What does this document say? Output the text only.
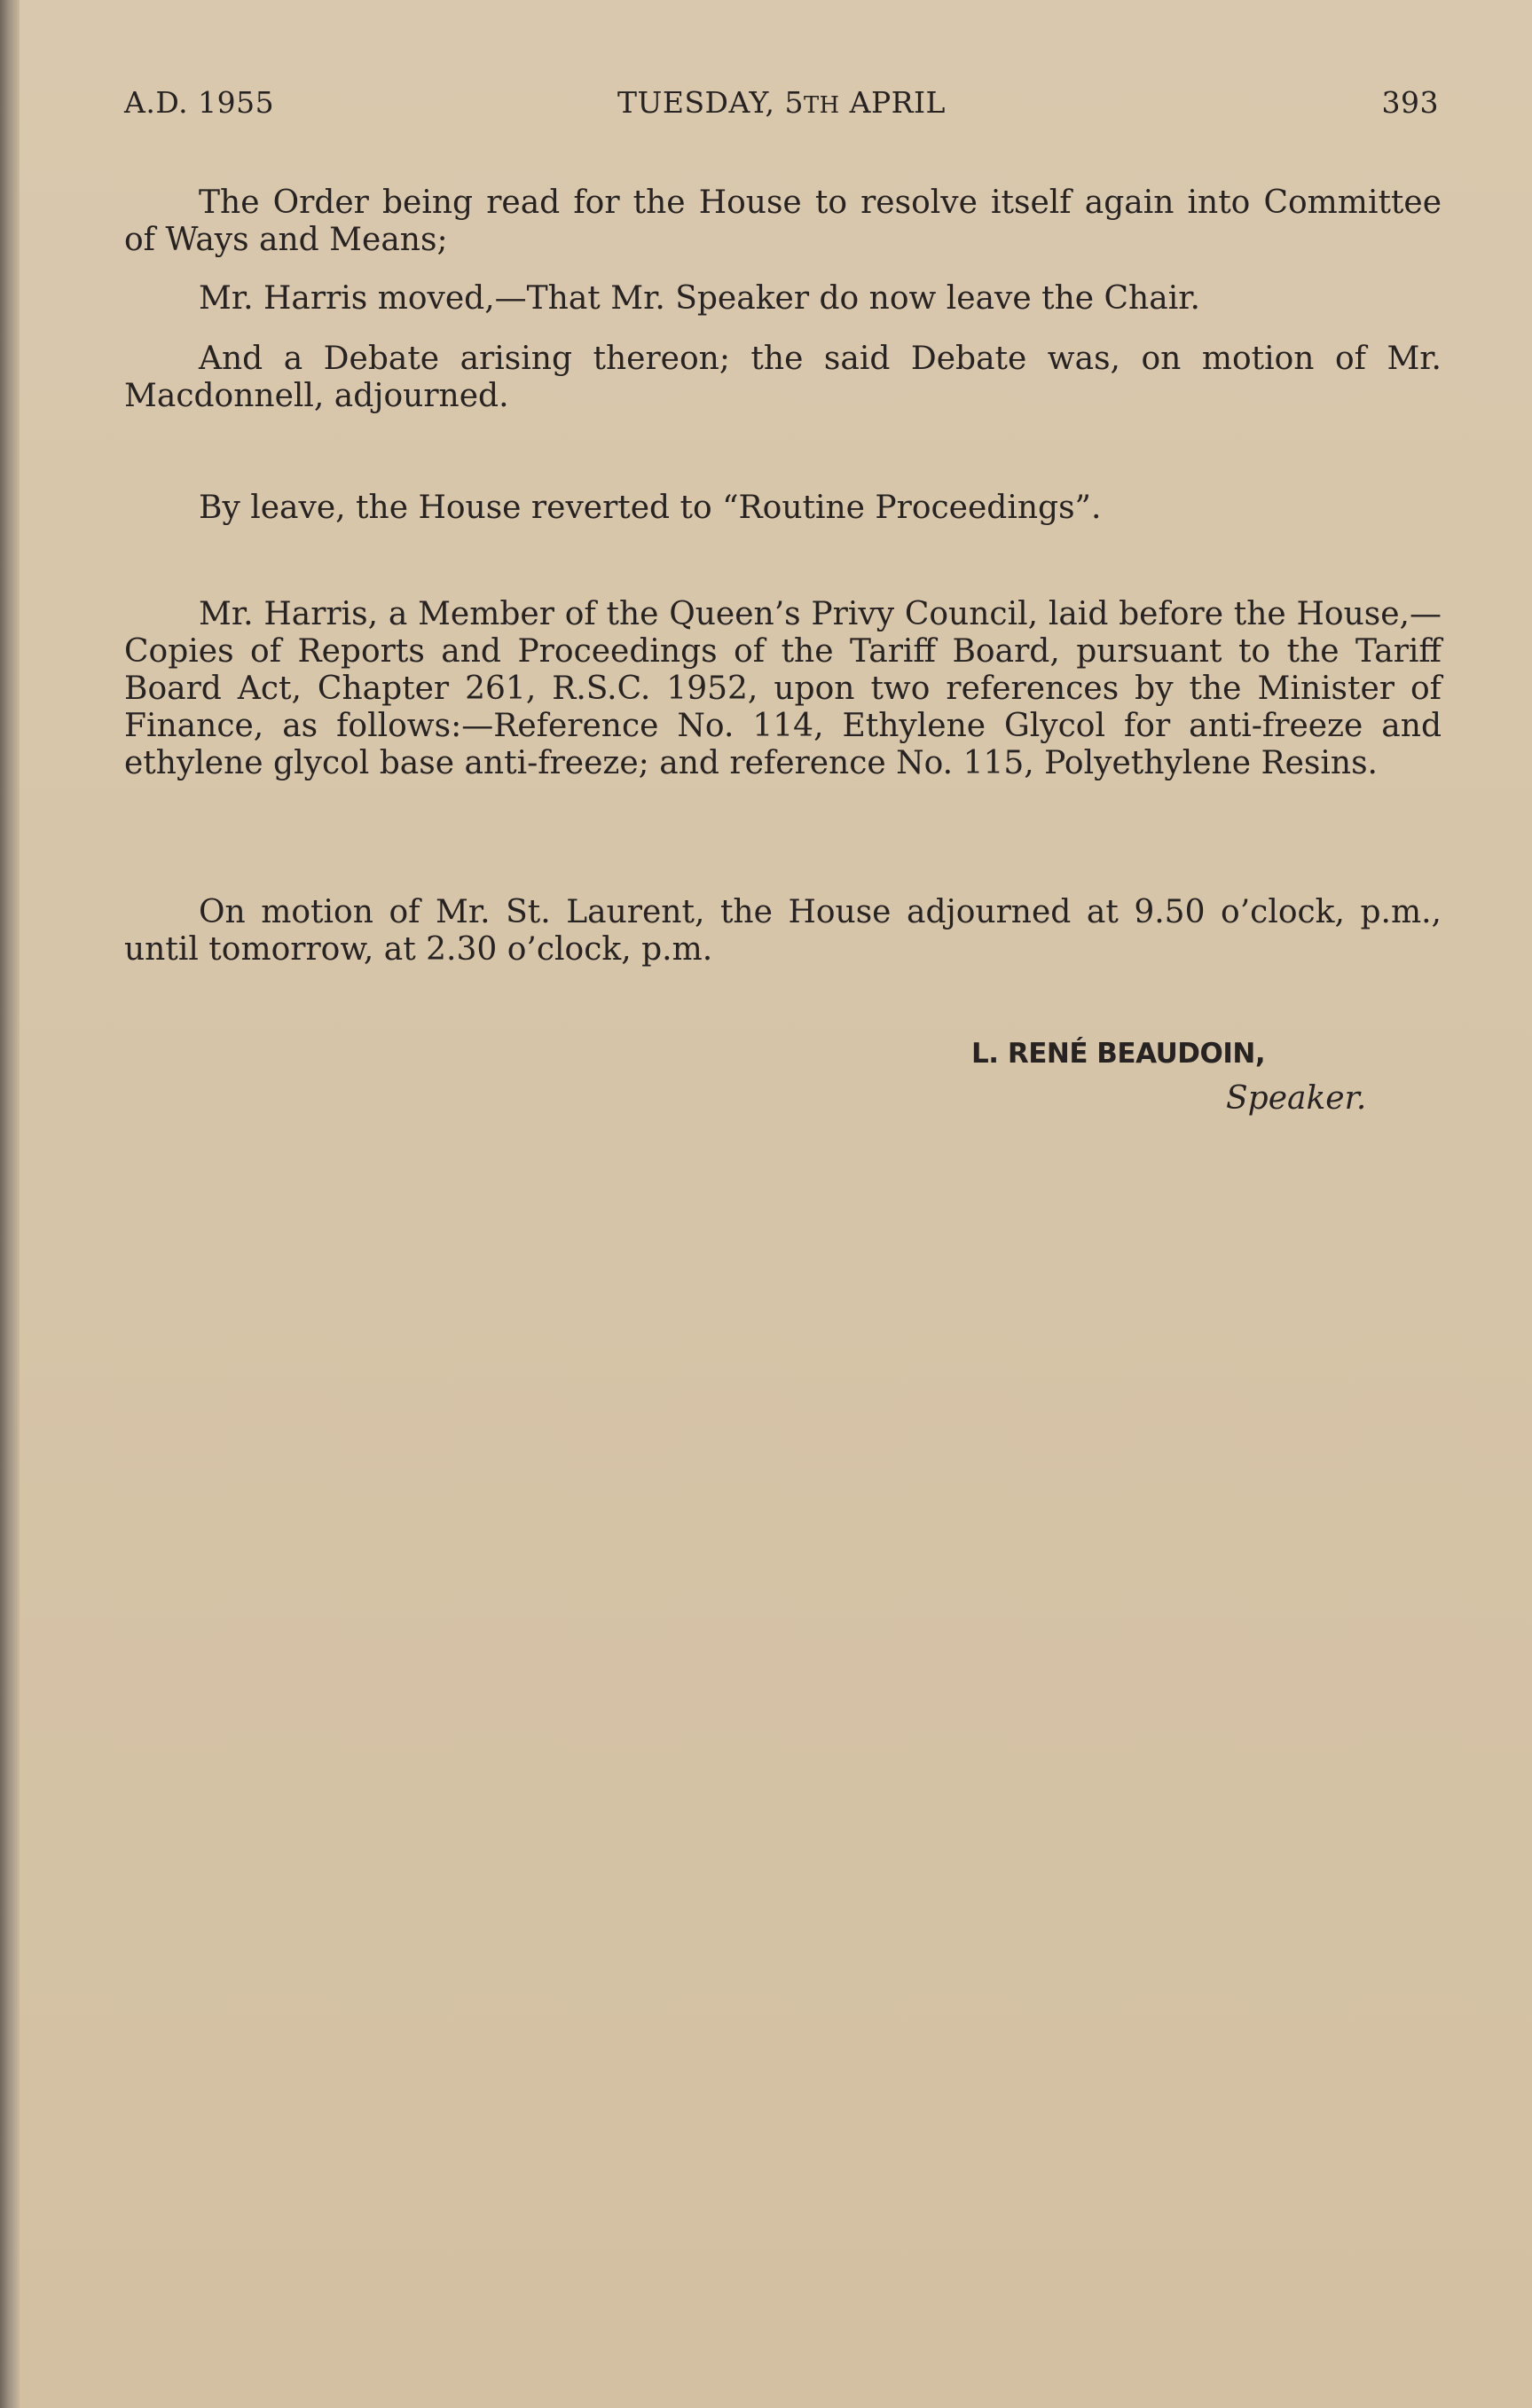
A.D. 1955	TUESDAY, 5TH APRIL	393

The Order being read for the House to resolve itself again into Committee of Ways and Means;

Mr. Harris moved,—That Mr. Speaker do now leave the Chair.

And a Debate arising thereon; the said Debate was, on motion of Mr. Macdonnell, adjourned.

By leave, the House reverted to “Routine Proceedings”.

Mr. Harris, a Member of the Queen’s Privy Council, laid before the House,—Copies of Reports and Proceedings of the Tariff Board, pursuant to the Tariff Board Act, Chapter 261, R.S.C. 1952, upon two references by the Minister of Finance, as follows:—Reference No. 114, Ethylene Glycol for anti-freeze and ethylene glycol base anti-freeze; and reference No. 115, Polyethylene Resins.

On motion of Mr. St. Laurent, the House adjourned at 9.50 o’clock, p.m., until tomorrow, at 2.30 o’clock, p.m.

L. RENÉ BEAUDOIN,
Speaker.
